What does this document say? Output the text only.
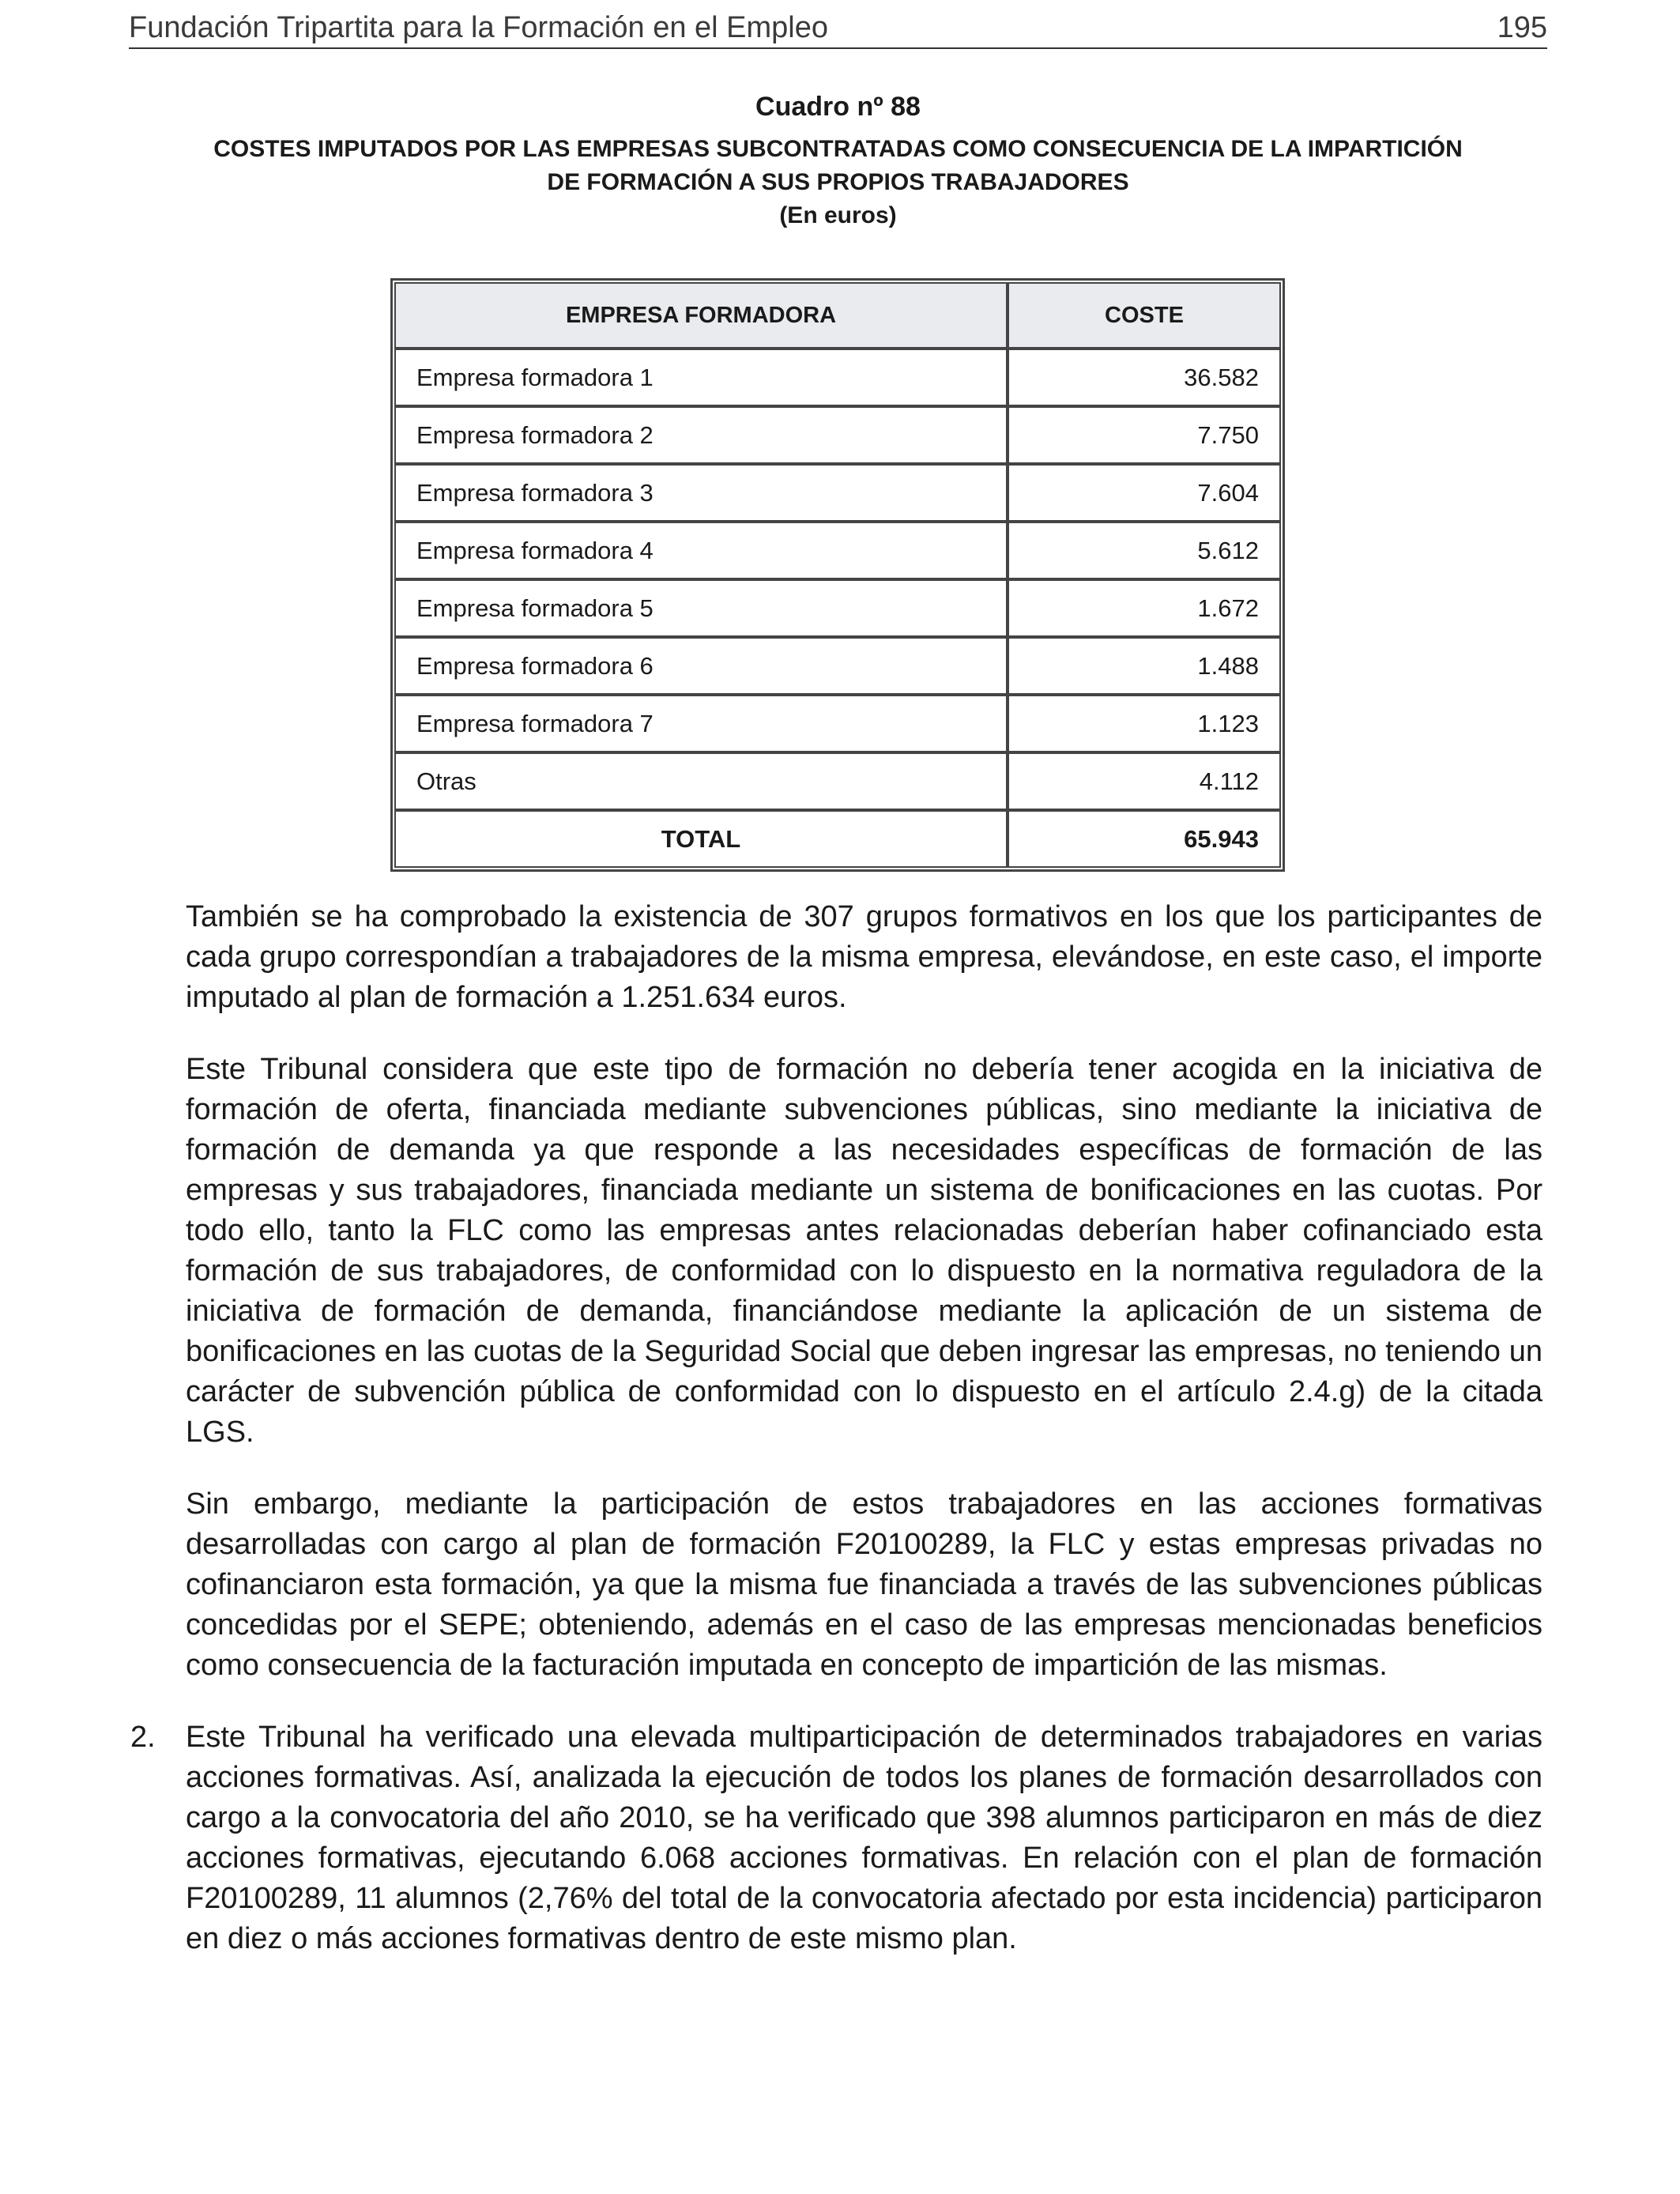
Fundación Tripartita para la Formación en el Empleo	195

Cuadro nº 88

COSTES IMPUTADOS POR LAS EMPRESAS SUBCONTRATADAS COMO CONSECUENCIA DE LA IMPARTICIÓN
DE FORMACIÓN A SUS PROPIOS TRABAJADORES

(En euros)

EMPRESA FORMADORA	COSTE
Empresa formadora 1	36.582
Empresa formadora 2	7.750
Empresa formadora 3	7.604
Empresa formadora 4	5.612
Empresa formadora 5	1.672
Empresa formadora 6	1.488
Empresa formadora 7	1.123
Otras	4.112
TOTAL	65.943

También se ha comprobado la existencia de 307 grupos formativos en los que los participantes de cada grupo correspondían a trabajadores de la misma empresa, elevándose, en este caso, el importe imputado al plan de formación a 1.251.634 euros.

Este Tribunal considera que este tipo de formación no debería tener acogida en la iniciativa de formación de oferta, financiada mediante subvenciones públicas, sino mediante la iniciativa de formación de demanda ya que responde a las necesidades específicas de formación de las empresas y sus trabajadores, financiada mediante un sistema de bonificaciones en las cuotas. Por todo ello, tanto la FLC como las empresas antes relacionadas deberían haber cofinanciado esta formación de sus trabajadores, de conformidad con lo dispuesto en la normativa reguladora de la iniciativa de formación de demanda, financiándose mediante la aplicación de un sistema de bonificaciones en las cuotas de la Seguridad Social que deben ingresar las empresas, no teniendo un carácter de subvención pública de conformidad con lo dispuesto en el artículo 2.4.g) de la citada LGS.

Sin embargo, mediante la participación de estos trabajadores en las acciones formativas desarrolladas con cargo al plan de formación F20100289, la FLC y estas empresas privadas no cofinanciaron esta formación, ya que la misma fue financiada a través de las subvenciones públicas concedidas por el SEPE; obteniendo, además en el caso de las empresas mencionadas beneficios como consecuencia de la facturación imputada en concepto de impartición de las mismas.

2. Este Tribunal ha verificado una elevada multiparticipación de determinados trabajadores en varias acciones formativas. Así, analizada la ejecución de todos los planes de formación desarrollados con cargo a la convocatoria del año 2010, se ha verificado que 398 alumnos participaron en más de diez acciones formativas, ejecutando 6.068 acciones formativas. En relación con el plan de formación F20100289, 11 alumnos (2,76% del total de la convocatoria afectado por esta incidencia) participaron en diez o más acciones formativas dentro de este mismo plan.
